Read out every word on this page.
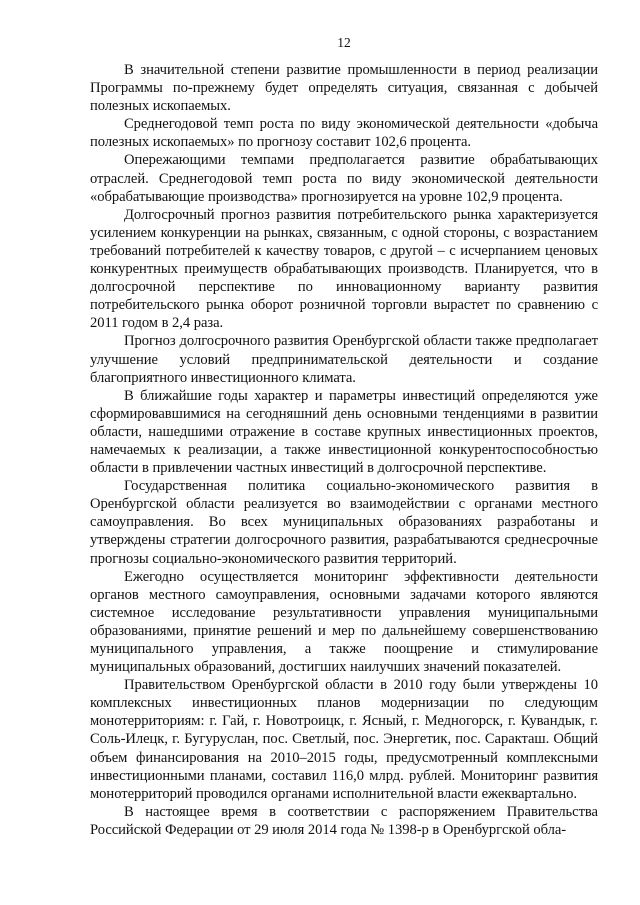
12

В значительной степени развитие промышленности в период реализации Программы по-прежнему будет определять ситуация, связанная с добычей полезных ископаемых.

Среднегодовой темп роста по виду экономической деятельности «добыча полезных ископаемых» по прогнозу составит 102,6 процента.

Опережающими темпами предполагается развитие обрабатывающих отраслей. Среднегодовой темп роста по виду экономической деятельности «обрабатывающие производства» прогнозируется на уровне 102,9 процента.

Долгосрочный прогноз развития потребительского рынка характеризуется усилением конкуренции на рынках, связанным, с одной стороны, с возрастанием требований потребителей к качеству товаров, с другой – с исчерпанием ценовых конкурентных преимуществ обрабатывающих производств. Планируется, что в долгосрочной перспективе по инновационному варианту развития потребительского рынка оборот розничной торговли вырастет по сравнению с 2011 годом в 2,4 раза.

Прогноз долгосрочного развития Оренбургской области также предполагает улучшение условий предпринимательской деятельности и создание благоприятного инвестиционного климата.

В ближайшие годы характер и параметры инвестиций определяются уже сформировавшимися на сегодняшний день основными тенденциями в развитии области, нашедшими отражение в составе крупных инвестиционных проектов, намечаемых к реализации, а также инвестиционной конкурентоспособностью области в привлечении частных инвестиций в долгосрочной перспективе.

Государственная политика социально-экономического развития в Оренбургской области реализуется во взаимодействии с органами местного самоуправления. Во всех муниципальных образованиях разработаны и утверждены стратегии долгосрочного развития, разрабатываются среднесрочные прогнозы социально-экономического развития территорий.

Ежегодно осуществляется мониторинг эффективности деятельности органов местного самоуправления, основными задачами которого являются системное исследование результативности управления муниципальными образованиями, принятие решений и мер по дальнейшему совершенствованию муниципального управления, а также поощрение и стимулирование муниципальных образований, достигших наилучших значений показателей.

Правительством Оренбургской области в 2010 году были утверждены 10 комплексных инвестиционных планов модернизации по следующим монотерриториям: г. Гай, г. Новотроицк, г. Ясный, г. Медногорск, г. Кувандык, г. Соль-Илецк, г. Бугуруслан, пос. Светлый, пос. Энергетик, пос. Саракташ. Общий объем финансирования на 2010–2015 годы, предусмотренный комплексными инвестиционными планами, составил 116,0 млрд. рублей. Мониторинг развития монотерриторий проводился органами исполнительной власти ежеквартально.

В настоящее время в соответствии с распоряжением Правительства Российской Федерации от 29 июля 2014 года № 1398-р в Оренбургской обла-
